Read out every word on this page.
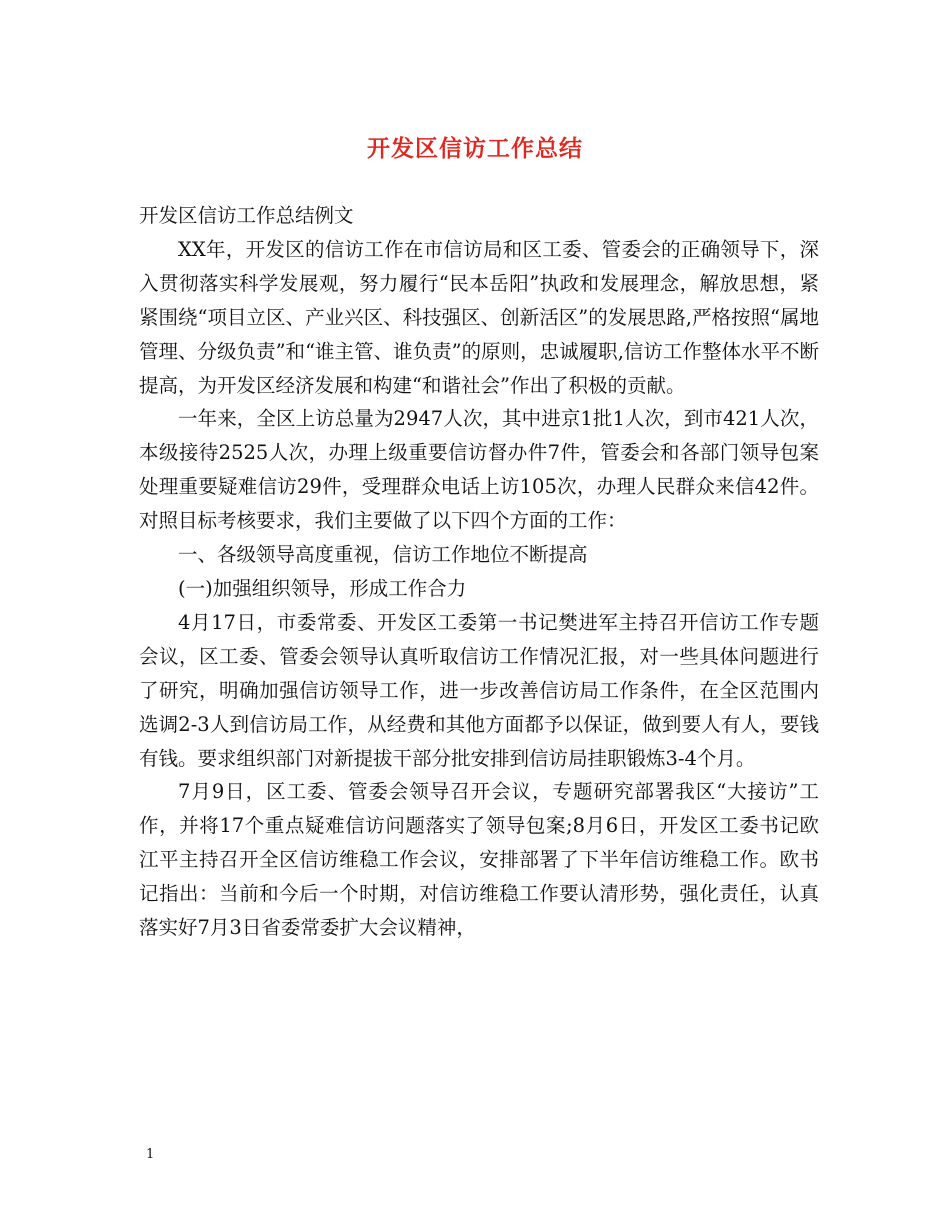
开发区信访工作总结

开发区信访工作总结例文

XX年，开发区的信访工作在市信访局和区工委、管委会的正确领导下，深入贯彻落实科学发展观，努力履行“民本岳阳”执政和发展理念，解放思想，紧紧围绕“项目立区、产业兴区、科技强区、创新活区”的发展思路,严格按照“属地管理、分级负责”和“谁主管、谁负责”的原则，忠诚履职,信访工作整体水平不断提高，为开发区经济发展和构建“和谐社会”作出了积极的贡献。

一年来，全区上访总量为2947人次，其中进京1批1人次，到市421人次，本级接待2525人次，办理上级重要信访督办件7件，管委会和各部门领导包案处理重要疑难信访29件，受理群众电话上访105次，办理人民群众来信42件。对照目标考核要求，我们主要做了以下四个方面的工作：

一、各级领导高度重视，信访工作地位不断提高

(一)加强组织领导，形成工作合力

4月17日，市委常委、开发区工委第一书记樊进军主持召开信访工作专题会议，区工委、管委会领导认真听取信访工作情况汇报，对一些具体问题进行了研究，明确加强信访领导工作，进一步改善信访局工作条件，在全区范围内选调2-3人到信访局工作，从经费和其他方面都予以保证，做到要人有人，要钱有钱。要求组织部门对新提拔干部分批安排到信访局挂职锻炼3-4个月。

7月9日，区工委、管委会领导召开会议，专题研究部署我区“大接访”工作，并将17个重点疑难信访问题落实了领导包案;8月6日，开发区工委书记欧江平主持召开全区信访维稳工作会议，安排部署了下半年信访维稳工作。欧书记指出：当前和今后一个时期，对信访维稳工作要认清形势，强化责任，认真落实好7月3日省委常委扩大会议精神，

1
